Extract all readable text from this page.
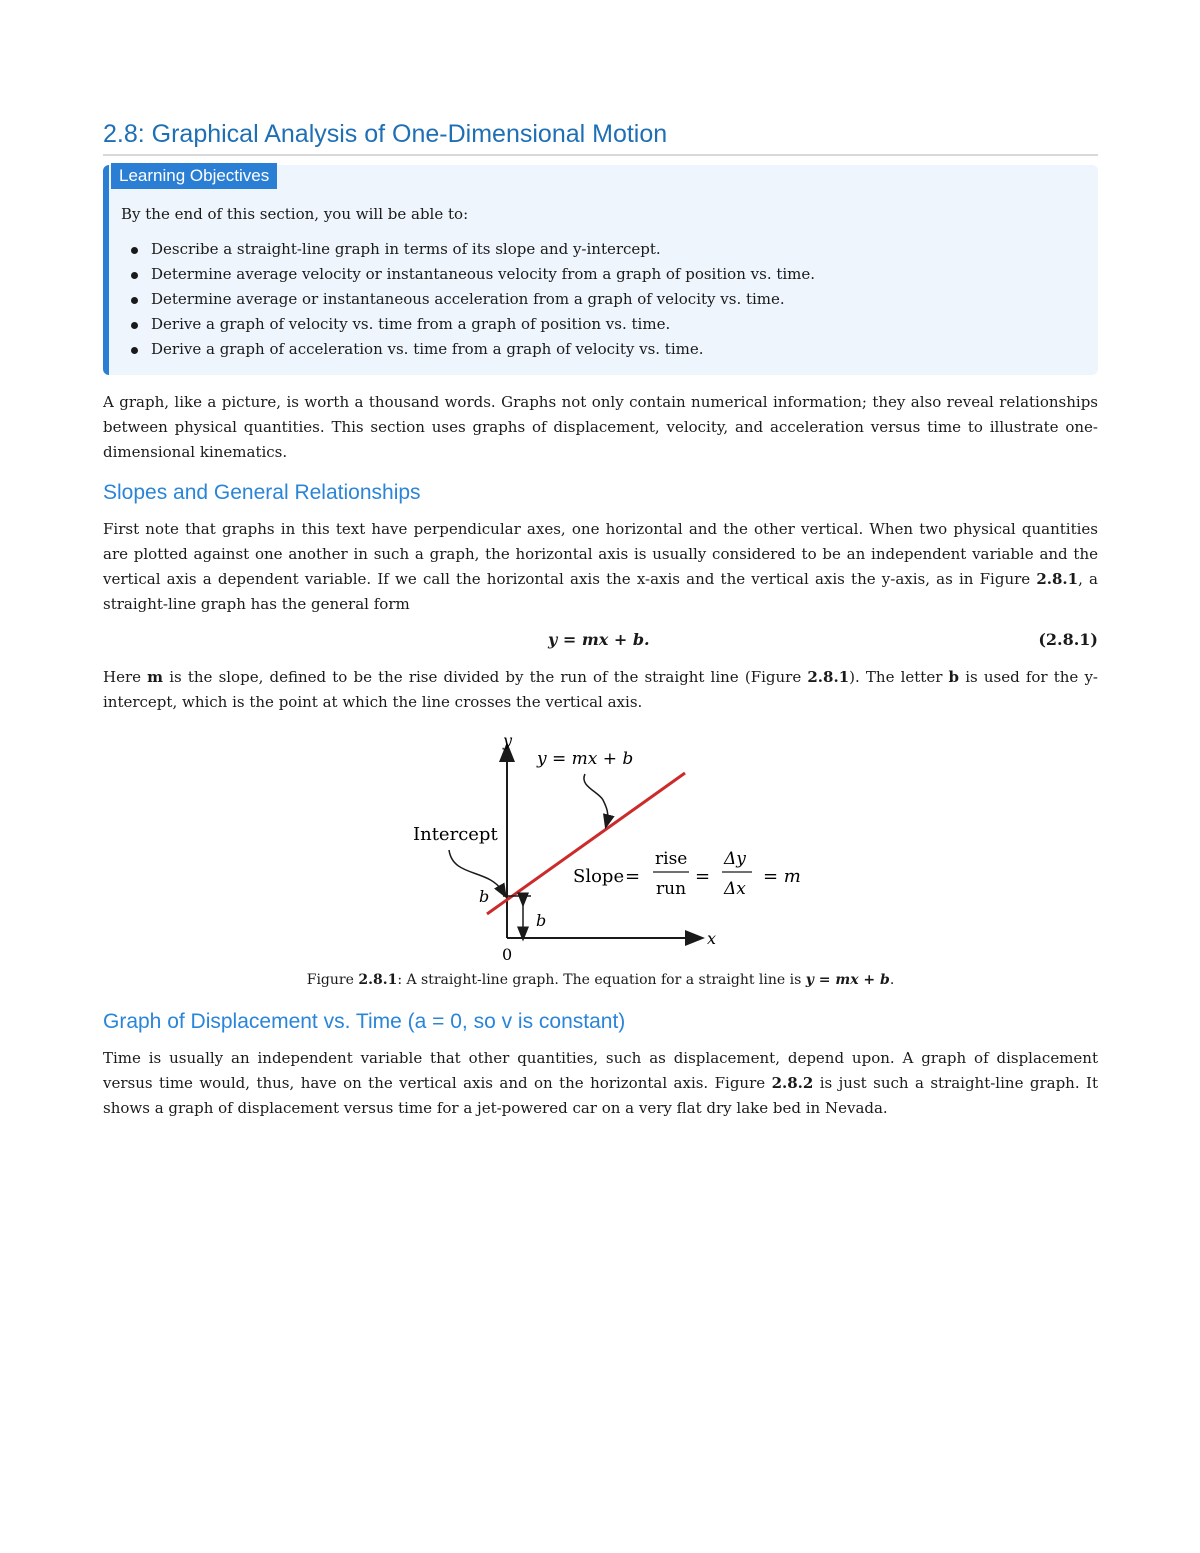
2.8: Graphical Analysis of One-Dimensional Motion
Learning Objectives
By the end of this section, you will be able to:
Describe a straight-line graph in terms of its slope and y-intercept.
Determine average velocity or instantaneous velocity from a graph of position vs. time.
Determine average or instantaneous acceleration from a graph of velocity vs. time.
Derive a graph of velocity vs. time from a graph of position vs. time.
Derive a graph of acceleration vs. time from a graph of velocity vs. time.

A graph, like a picture, is worth a thousand words. Graphs not only contain numerical information; they also reveal relationships between physical quantities. This section uses graphs of displacement, velocity, and acceleration versus time to illustrate one-dimensional kinematics.

Slopes and General Relationships

First note that graphs in this text have perpendicular axes, one horizontal and the other vertical. When two physical quantities are plotted against one another in such a graph, the horizontal axis is usually considered to be an independent variable and the vertical axis a dependent variable. If we call the horizontal axis the x-axis and the vertical axis the y-axis, as in Figure 2.8.1, a straight-line graph has the general form

y = mx + b.	(2.8.1)

Here m is the slope, defined to be the rise divided by the run of the straight line (Figure 2.8.1). The letter b is used for the y-intercept, which is the point at which the line crosses the vertical axis.

y
x
0
y = mx + b
Intercept
b
b
Slope =
rise
run
=
Δy
Δx
= m
Figure 2.8.1: A straight-line graph. The equation for a straight line is y = mx + b.
Graph of Displacement vs. Time (a = 0, so v is constant)

Time is usually an independent variable that other quantities, such as displacement, depend upon. A graph of displacement versus time would, thus, have on the vertical axis and on the horizontal axis. Figure 2.8.2 is just such a straight-line graph. It shows a graph of displacement versus time for a jet-powered car on a very flat dry lake bed in Nevada.
